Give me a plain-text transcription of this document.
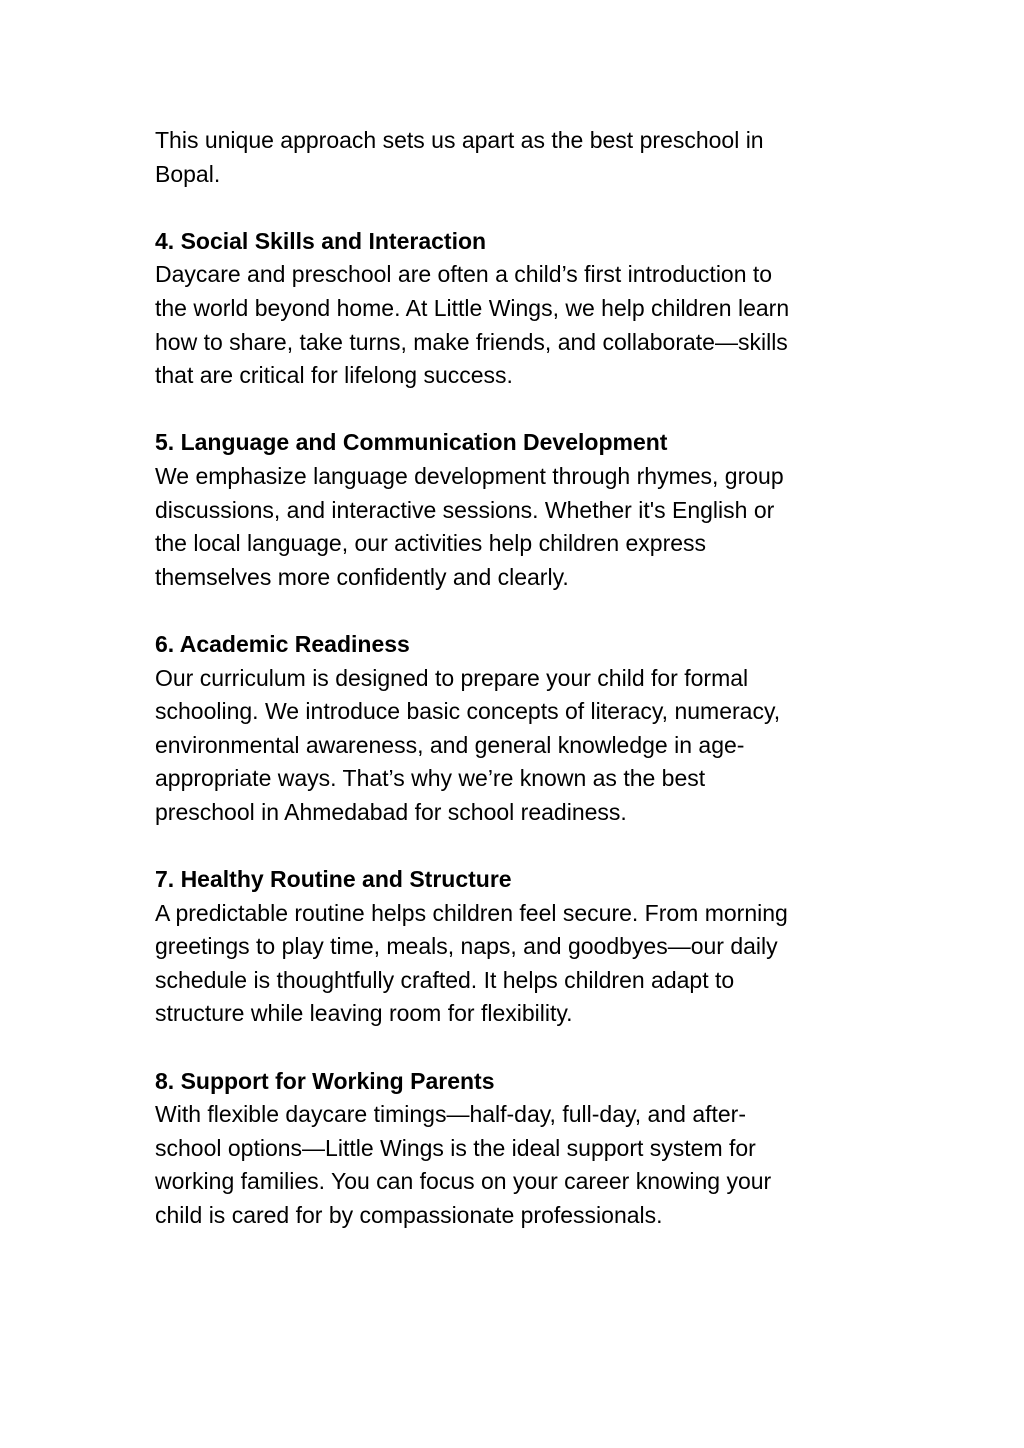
This unique approach sets us apart as the best preschool in
Bopal.

4. Social Skills and Interaction

Daycare and preschool are often a child’s first introduction to
the world beyond home. At Little Wings, we help children learn
how to share, take turns, make friends, and collaborate—skills
that are critical for lifelong success.

5. Language and Communication Development

We emphasize language development through rhymes, group
discussions, and interactive sessions. Whether it's English or
the local language, our activities help children express
themselves more confidently and clearly.

6. Academic Readiness

Our curriculum is designed to prepare your child for formal
schooling. We introduce basic concepts of literacy, numeracy,
environmental awareness, and general knowledge in age-
appropriate ways. That’s why we’re known as the best
preschool in Ahmedabad for school readiness.

7. Healthy Routine and Structure

A predictable routine helps children feel secure. From morning
greetings to play time, meals, naps, and goodbyes—our daily
schedule is thoughtfully crafted. It helps children adapt to
structure while leaving room for flexibility.

8. Support for Working Parents

With flexible daycare timings—half-day, full-day, and after-
school options—Little Wings is the ideal support system for
working families. You can focus on your career knowing your
child is cared for by compassionate professionals.
